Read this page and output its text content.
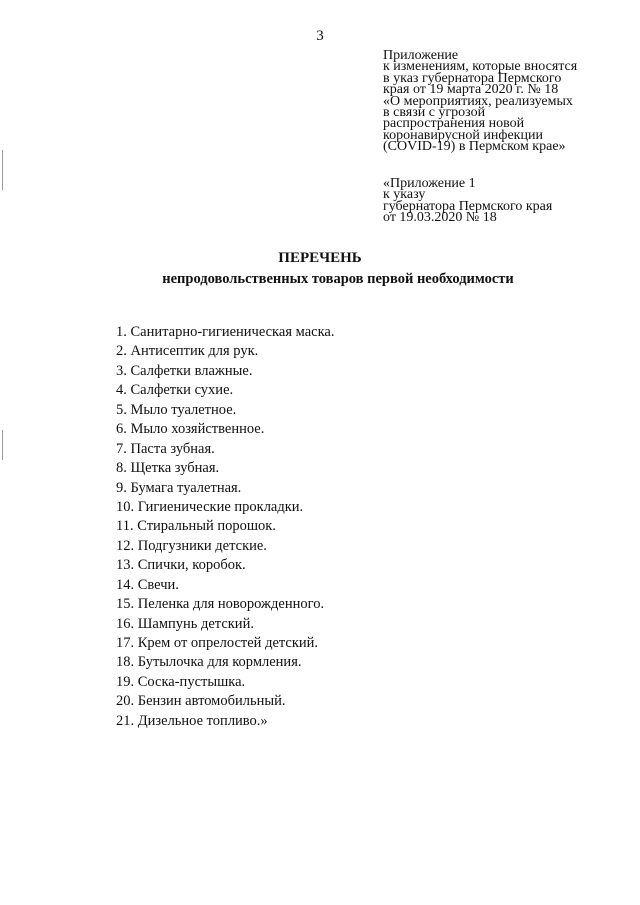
3
Приложение
к изменениям, которые вносятся
в указ губернатора Пермского
края от 19 марта 2020 г. № 18
«О мероприятиях, реализуемых
в связи с угрозой
распространения новой
коронавирусной инфекции
(COVID-19) в Пермском крае»
«Приложение 1
к указу
губернатора Пермского края
от 19.03.2020 № 18
ПЕРЕЧЕНЬ
непродовольственных товаров первой необходимости
1. Санитарно-гигиеническая маска.
2. Антисептик для рук.
3. Салфетки влажные.
4. Салфетки сухие.
5. Мыло туалетное.
6. Мыло хозяйственное.
7. Паста зубная.
8. Щетка зубная.
9. Бумага туалетная.
10. Гигиенические прокладки.
11. Стиральный порошок.
12. Подгузники детские.
13. Спички, коробок.
14. Свечи.
15. Пеленка для новорожденного.
16. Шампунь детский.
17. Крем от опрелостей детский.
18. Бутылочка для кормления.
19. Соска-пустышка.
20. Бензин автомобильный.
21. Дизельное топливо.»
